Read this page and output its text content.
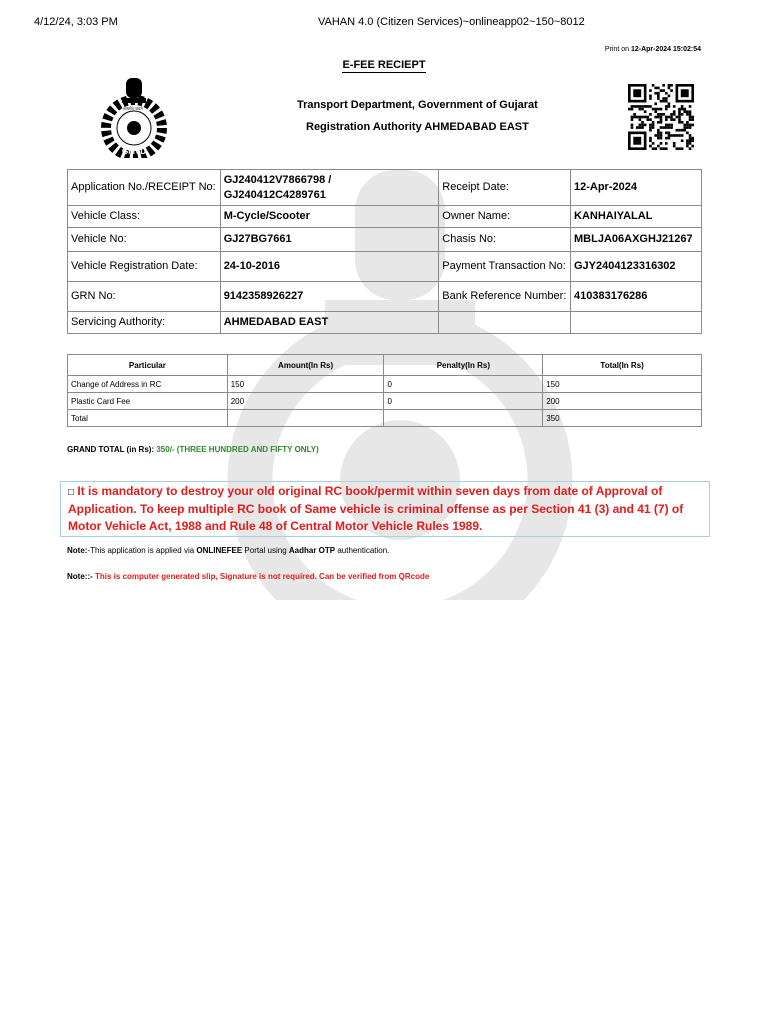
4/12/24, 3:03 PM	VAHAN 4.0 (Citizen Services)~onlineapp02~150~8012
Print on 12-Apr-2024 15:02:54
E-FEE RECIEPT
Transport Department, Government of Gujarat
Registration Authority AHMEDABAD EAST
सत्यमेव जयते
GMVD
Application No./RECEIPT No:	GJ240412V7866798 / GJ240412C4289761	Receipt Date:	12-Apr-2024
Vehicle Class:	M-Cycle/Scooter	Owner Name:	KANHAIYALAL
Vehicle No:	GJ27BG7661	Chasis No:	MBLJA06AXGHJ21267
Vehicle Registration Date:	24-10-2016	Payment Transaction No:	GJY2404123316302
GRN No:	9142358926227	Bank Reference Number:	410383176286
Servicing Authority:	AHMEDABAD EAST		
Particular	Amount(In Rs)	Penalty(In Rs)	Total(In Rs)
Change of Address in RC	150	0	150
Plastic Card Fee	200	0	200
Total			350
GRAND TOTAL (in Rs): 350/- (THREE HUNDRED AND FIFTY ONLY)
□ It is mandatory to destroy your old original RC book/permit within seven days from date of Approval of Application. To keep multiple RC book of Same vehicle is criminal offense as per Section 41 (3) and 41 (7) of Motor Vehicle Act, 1988 and Rule 48 of Central Motor Vehicle Rules 1989.
Note:-This application is applied via ONLINEFEE Portal using Aadhar OTP authentication.
Note::- This is computer generated slip, Signature is not required. Can be verified from QRcode
